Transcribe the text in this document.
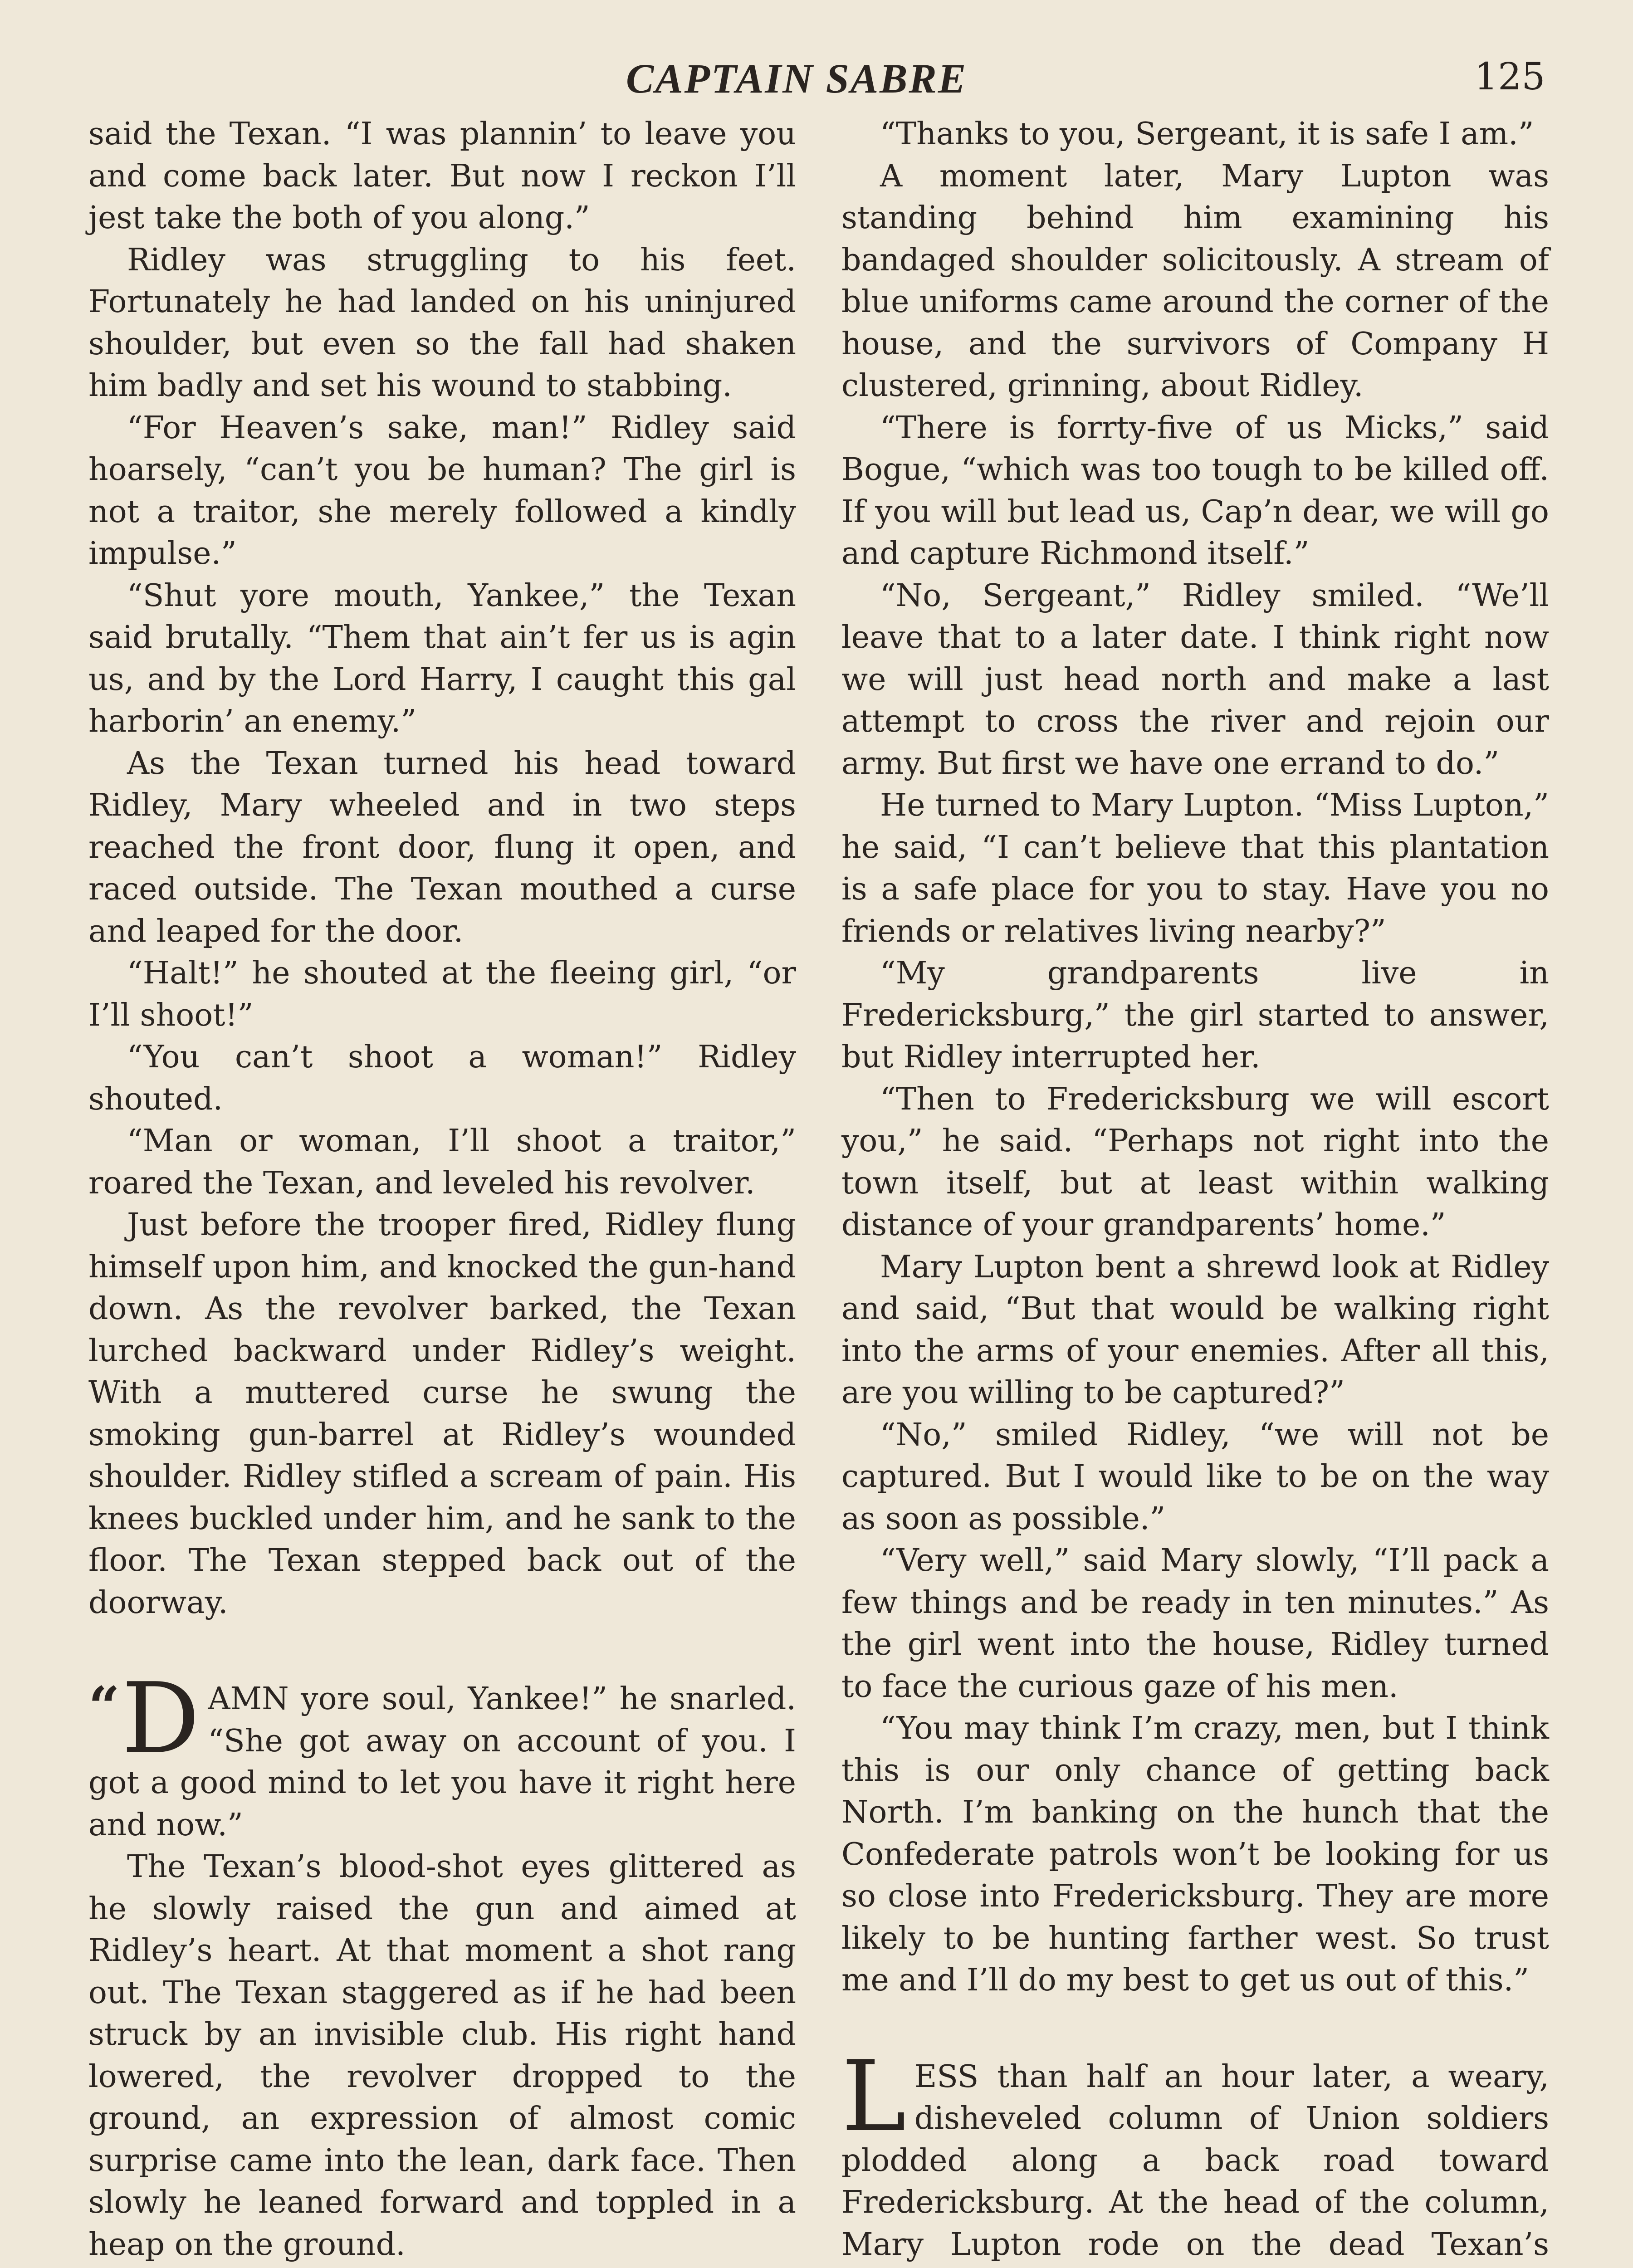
CAPTAIN SABRE	125

said the Texan. “I was plannin’ to leave you and come back later. But now I reckon I’ll jest take the both of you along.”

Ridley was struggling to his feet. Fortunately he had landed on his uninjured shoulder, but even so the fall had shaken him badly and set his wound to stabbing.

“For Heaven’s sake, man!” Ridley said hoarsely, “can’t you be human? The girl is not a traitor, she merely followed a kindly impulse.”

“Shut yore mouth, Yankee,” the Texan said brutally. “Them that ain’t fer us is agin us, and by the Lord Harry, I caught this gal harborin’ an enemy.”

As the Texan turned his head toward Ridley, Mary wheeled and in two steps reached the front door, flung it open, and raced outside. The Texan mouthed a curse and leaped for the door.

“Halt!” he shouted at the fleeing girl, “or I’ll shoot!”

“You can’t shoot a woman!” Ridley shouted.

“Man or woman, I’ll shoot a traitor,” roared the Texan, and leveled his revolver.

Just before the trooper fired, Ridley flung himself upon him, and knocked the gun-hand down. As the revolver barked, the Texan lurched backward under Ridley’s weight. With a muttered curse he swung the smoking gun-barrel at Ridley’s wounded shoulder. Ridley stifled a scream of pain. His knees buckled under him, and he sank to the floor. The Texan stepped back out of the doorway.

“ D AMN yore soul, Yankee!” he snarled. “She got away on account of you. I got a good mind to let you have it right here and now.”

The Texan’s blood-shot eyes glittered as he slowly raised the gun and aimed at Ridley’s heart. At that moment a shot rang out. The Texan staggered as if he had been struck by an invisible club. His right hand lowered, the revolver dropped to the ground, an expression of almost comic surprise came into the lean, dark face. Then slowly he leaned forward and toppled in a heap on the ground.

“Thanks to you, Sergeant, it is safe I am.”

A moment later, Mary Lupton was standing behind him examining his bandaged shoulder solicitously. A stream of blue uniforms came around the corner of the house, and the survivors of Company H clustered, grinning, about Ridley.

“There is forrty-five of us Micks,” said Bogue, “which was too tough to be killed off. If you will but lead us, Cap’n dear, we will go and capture Richmond itself.”

“No, Sergeant,” Ridley smiled. “We’ll leave that to a later date. I think right now we will just head north and make a last attempt to cross the river and rejoin our army. But first we have one errand to do.”

He turned to Mary Lupton. “Miss Lupton,” he said, “I can’t believe that this plantation is a safe place for you to stay. Have you no friends or relatives living nearby?”

“My grandparents live in Fredericksburg,” the girl started to answer, but Ridley interrupted her.

“Then to Fredericksburg we will escort you,” he said. “Perhaps not right into the town itself, but at least within walking distance of your grandparents’ home.”

Mary Lupton bent a shrewd look at Ridley and said, “But that would be walking right into the arms of your enemies. After all this, are you willing to be captured?”

“No,” smiled Ridley, “we will not be captured. But I would like to be on the way as soon as possible.”

“Very well,” said Mary slowly, “I’ll pack a few things and be ready in ten minutes.” As the girl went into the house, Ridley turned to face the curious gaze of his men.

“You may think I’m crazy, men, but I think this is our only chance of getting back North. I’m banking on the hunch that the Confederate patrols won’t be looking for us so close into Fredericksburg. They are more likely to be hunting farther west. So trust me and I’ll do my best to get us out of this.”

LESS than half an hour later, a weary, disheveled column of Union soldiers plodded along a back road toward Fredericksburg. At the head of the column, Mary Lupton rode on the dead Texan’s
